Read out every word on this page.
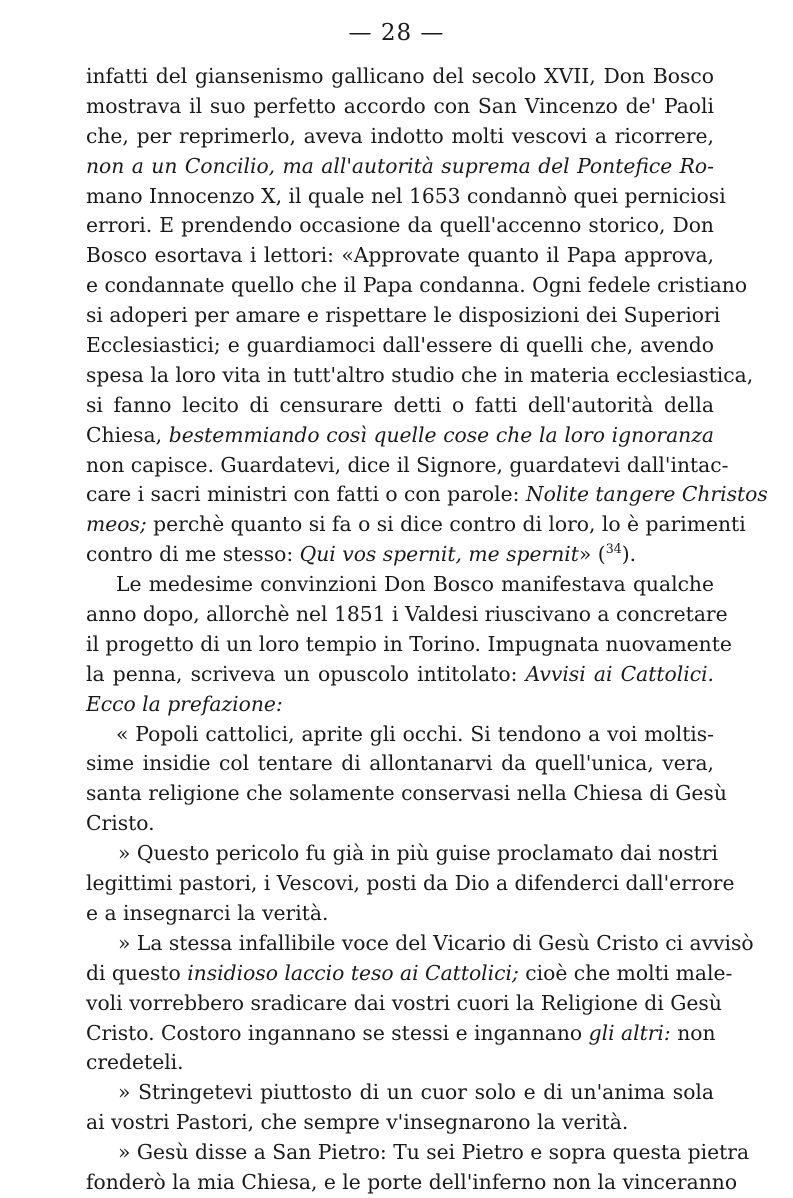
— 28 —
infatti del giansenismo gallicano del secolo XVII, Don Bosco
mostrava il suo perfetto accordo con San Vincenzo de' Paoli
che, per reprimerlo, aveva indotto molti vescovi a ricorrere,
non a un Concilio, ma all'autorità suprema del Pontefice Ro-
mano Innocenzo X, il quale nel 1653 condannò quei perniciosi
errori. E prendendo occasione da quell'accenno storico, Don
Bosco esortava i lettori: «Approvate quanto il Papa approva,
e condannate quello che il Papa condanna. Ogni fedele cristiano
si adoperi per amare e rispettare le disposizioni dei Superiori
Ecclesiastici; e guardiamoci dall'essere di quelli che, avendo
spesa la loro vita in tutt'altro studio che in materia ecclesiastica,
si fanno lecito di censurare detti o fatti dell'autorità della
Chiesa, bestemmiando così quelle cose che la loro ignoranza
non capisce. Guardatevi, dice il Signore, guardatevi dall'intac-
care i sacri ministri con fatti o con parole: Nolite tangere Christos
meos; perchè quanto si fa o si dice contro di loro, lo è parimenti
contro di me stesso: Qui vos spernit, me spernit» ($^{34}$).
Le medesime convinzioni Don Bosco manifestava qualche
anno dopo, allorchè nel 1851 i Valdesi riuscivano a concretare
il progetto di un loro tempio in Torino. Impugnata nuovamente
la penna, scriveva un opuscolo intitolato: Avvisi ai Cattolici.
Ecco la prefazione:
« Popoli cattolici, aprite gli occhi. Si tendono a voi moltis-
sime insidie col tentare di allontanarvi da quell'unica, vera,
santa religione che solamente conservasi nella Chiesa di Gesù
Cristo.
» Questo pericolo fu già in più guise proclamato dai nostri
legittimi pastori, i Vescovi, posti da Dio a difenderci dall'errore
e a insegnarci la verità.
» La stessa infallibile voce del Vicario di Gesù Cristo ci avvisò
di questo insidioso laccio teso ai Cattolici; cioè che molti male-
voli vorrebbero sradicare dai vostri cuori la Religione di Gesù
Cristo. Costoro ingannano se stessi e ingannano gli altri: non
credeteli.
» Stringetevi piuttosto di un cuor solo e di un'anima sola
ai vostri Pastori, che sempre v'insegnarono la verità.
» Gesù disse a San Pietro: Tu sei Pietro e sopra questa pietra
fonderò la mia Chiesa, e le porte dell'inferno non la vinceranno
